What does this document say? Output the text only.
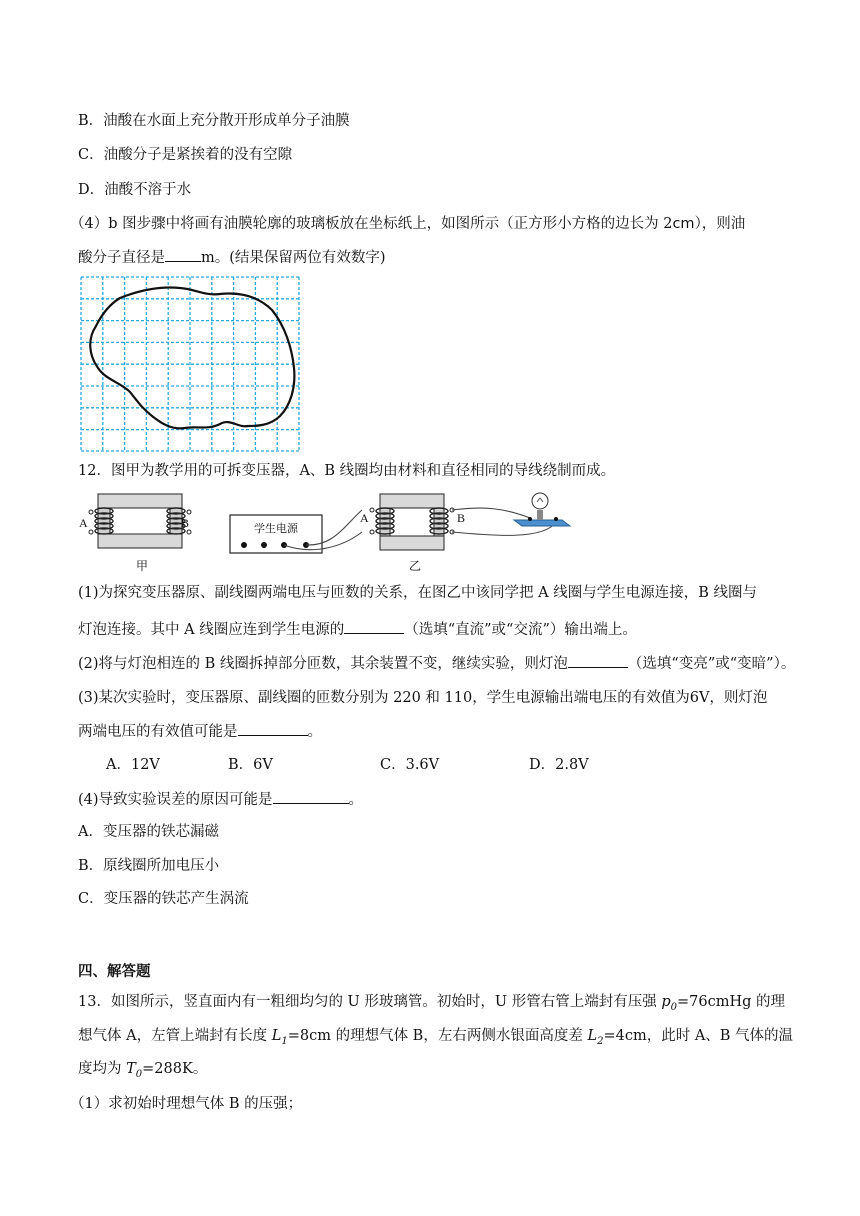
B．油酸在水面上充分散开形成单分子油膜
C．油酸分子是紧挨着的没有空隙
D．油酸不溶于水
（4）b 图步骤中将画有油膜轮廓的玻璃板放在坐标纸上，如图所示（正方形小方格的边长为 2cm），则油
酸分子直径是 m。(结果保留两位有效数字)
12．图甲为教学用的可拆变压器，A、B 线圈均由材料和直径相同的导线绕制而成。
A	B
甲
学生电源
A	B
乙
(1)为探究变压器原、副线圈两端电压与匝数的关系，在图乙中该同学把 A 线圈与学生电源连接，B 线圈与
灯泡连接。其中 A 线圈应连到学生电源的	（选填“直流”或“交流”）输出端上。
(2)将与灯泡相连的 B 线圈拆掉部分匝数，其余装置不变，继续实验，则灯泡	（选填“变亮”或“变暗”）。
(3)某次实验时，变压器原、副线圈的匝数分别为 220 和 110，学生电源输出端电压的有效值为6V，则灯泡
两端电压的有效值可能是	。
A．12V	B．6V	C．3.6V	D．2.8V
(4)导致实验误差的原因可能是	。
A．变压器的铁芯漏磁
B．原线圈所加电压小
C．变压器的铁芯产生涡流
四、解答题
13．如图所示，竖直面内有一粗细均匀的 U 形玻璃管。初始时，U 形管右管上端封有压强 $p_0=76cmHg$ 的理
想气体 A，左管上端封有长度 $L_1=8cm$ 的理想气体 B，左右两侧水银面高度差 $L_2=4cm$，此时 A、B 气体的温
度均为 $T_0=288K$。
（1）求初始时理想气体 B 的压强；
